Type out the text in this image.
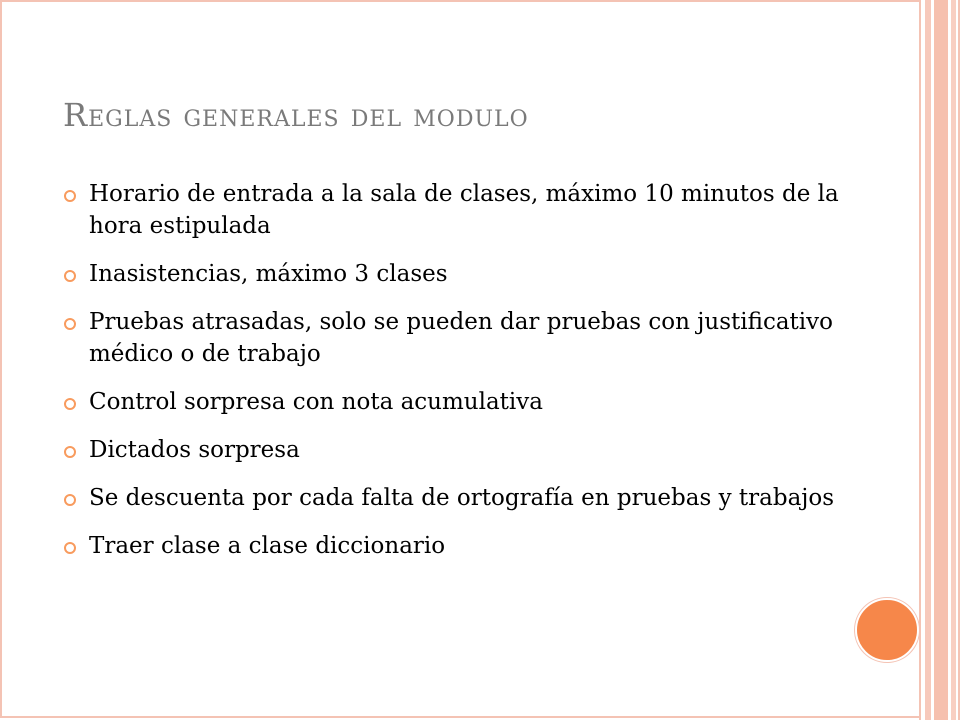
Reglas generales del modulo
Horario de entrada a la sala de clases, máximo 10 minutos de la hora estipulada
Inasistencias, máximo 3 clases
Pruebas atrasadas, solo se pueden dar pruebas con justificativo médico o de trabajo
Control sorpresa con nota acumulativa
Dictados sorpresa
Se descuenta por cada falta de ortografía en pruebas y trabajos
Traer clase a clase diccionario
